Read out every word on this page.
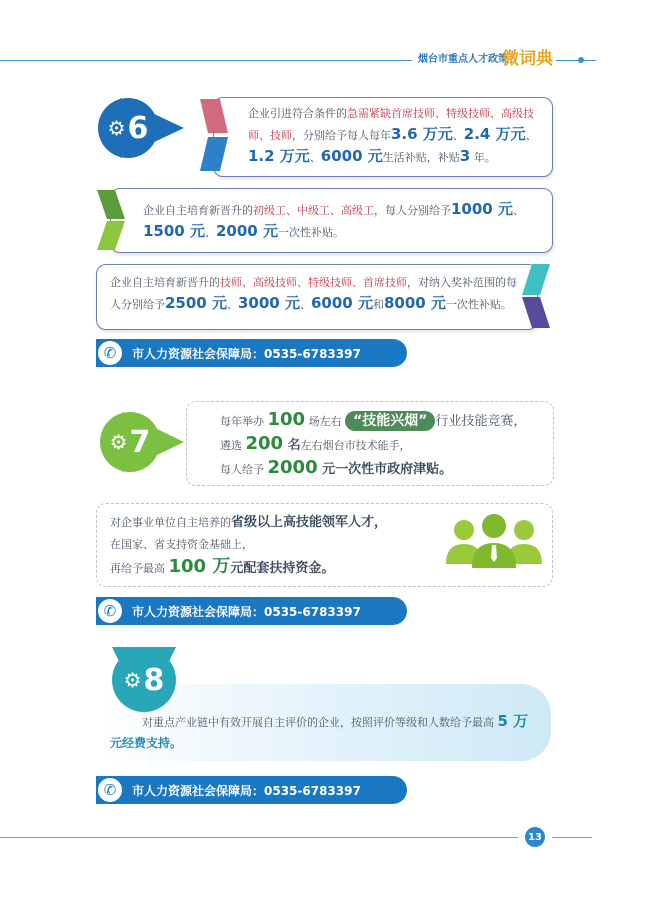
烟台市重点人才政策
微词典
⚙ 6	企业引进符合条件的急需紧缺首席技师、特级技师、高级技
师、技师，分别给予每人每年3.6 万元、2.4 万元、
1.2 万元、6000 元生活补贴，补贴3 年。
企业自主培育新晋升的初级工、中级工、高级工，每人分别给予1000 元、
1500 元、2000 元一次性补贴。
企业自主培育新晋升的技师、高级技师、特级技师、首席技师，对纳入奖补范围的每
人分别给予2500 元、3000 元、6000 元和8000 元一次性补贴。
✆	市人力资源社会保障局：0535-6783397
⚙ 7
每年举办 100 场左右 “技能兴烟” 行业技能竞赛，
遴选 200 名左右烟台市技术能手，
每人给予 2000 元一次性市政府津贴。
对企事业单位自主培养的省级以上高技能领军人才，
在国家、省支持资金基础上，
再给予最高 100 万元配套扶持资金。
✆	市人力资源社会保障局：0535-6783397
⚙ 8
对重点产业链中有效开展自主评价的企业，按照评价等级和人数给予最高 5 万
元经费支持。
✆	市人力资源社会保障局：0535-6783397
13
